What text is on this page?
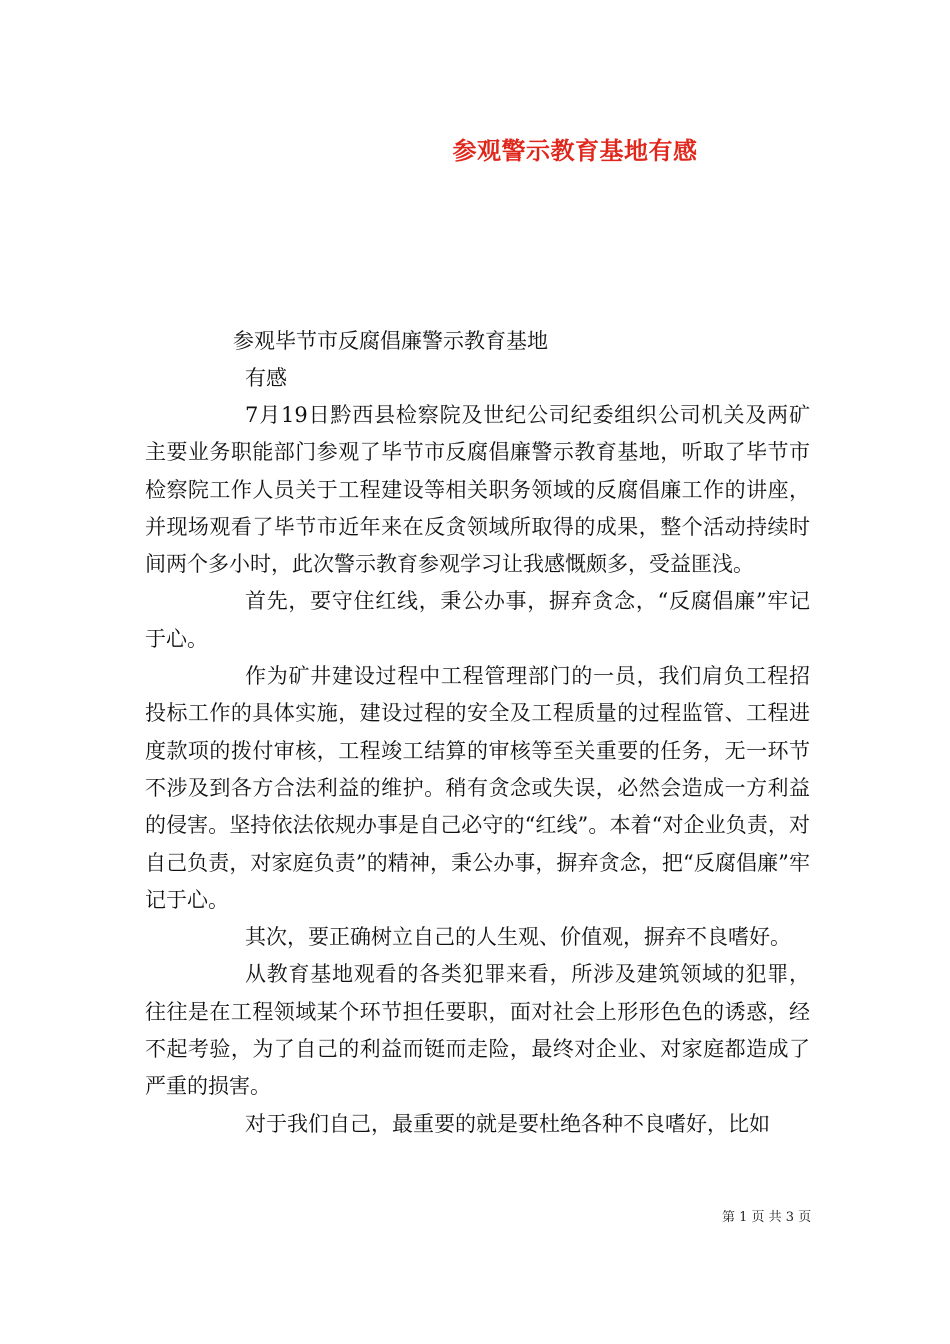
参观警示教育基地有感
参观毕节市反腐倡廉警示教育基地
有感

7月19日黔西县检察院及世纪公司纪委组织公司机关及两矿主要业务职能部门参观了毕节市反腐倡廉警示教育基地，听取了毕节市检察院工作人员关于工程建设等相关职务领域的反腐倡廉工作的讲座，并现场观看了毕节市近年来在反贪领域所取得的成果，整个活动持续时间两个多小时，此次警示教育参观学习让我感慨颇多，受益匪浅。

首先，要守住红线，秉公办事，摒弃贪念，“反腐倡廉”牢记于心。

作为矿井建设过程中工程管理部门的一员，我们肩负工程招投标工作的具体实施，建设过程的安全及工程质量的过程监管、工程进度款项的拨付审核，工程竣工结算的审核等至关重要的任务，无一环节不涉及到各方合法利益的维护。稍有贪念或失误，必然会造成一方利益的侵害。坚持依法依规办事是自己必守的“红线”。本着“对企业负责，对自己负责，对家庭负责”的精神，秉公办事，摒弃贪念，把“反腐倡廉”牢记于心。

其次，要正确树立自己的人生观、价值观，摒弃不良嗜好。

从教育基地观看的各类犯罪来看，所涉及建筑领域的犯罪，往往是在工程领域某个环节担任要职，面对社会上形形色色的诱惑，经不起考验，为了自己的利益而铤而走险，最终对企业、对家庭都造成了严重的损害。

对于我们自己，最重要的就是要杜绝各种不良嗜好，比如

第 1 页 共 3 页
